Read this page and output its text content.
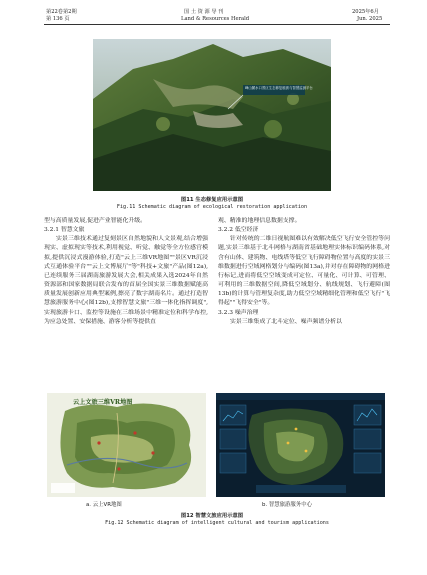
第22卷第2期
第 136 页
国 土 资 源 导 刊
Land & Resources Herald
2025年6月
Jun. 2025
峰山麓水口景区生态修复植被与智慧监测平台
图11 生态修复应用示意图
Fig.11 Schematic diagram of ecological restoration application

型与高质量发展,促进产业智能化升级。

3.2.1 智慧文旅

实景三维技术通过复刻景区自然地貌和人文景观,结合增强现实、虚拟现实等技术,利用视觉、听觉、触觉等全方位感官模拟,提供沉浸式漫游体验,打造"云上三维VR地图""景区VR沉浸式互通体验平台""云上文博展厅"等"科技+文旅"产品(图12a),已连续服务三届湖南旅游发展大会,相关成果入选2024年自然资源部和国家数据局联合发布的首届全国实景三维数据赋能高质量发展创新应用典型案例,擦亮了数字湖南名片。通过打造智慧旅游服务中心(图12b),支撑智慧文旅"三维一体化指挥调度",实现旅游卡口、监控等设施在三维场景中精准定位和科学布控,为应急处置、安保措施、游客分析等提供直

观、精准的地理信息数据支撑。

3.2.2 低空经济

针对传统的二维日视航图难以有效解决低空飞行安全管控等问题,实景三维基于北斗网格与湖南省基础地理实体标识编码体系,对含有山体、建筑物、电线塔等低空飞行障碍物位置与高度的实景三维数据进行空域网格划分与编码(图13a),并对存在障碍物的网格进行标记,进而将低空空域变成可定位、可量化、可计算、可管理、可利用的三维数据空间,降低空域划分、航线规划、飞行避障(图13b)的计算与管理复杂度,助力低空空域精细化管理和低空飞行"飞得起""飞得安全"等。

3.2.3 噪声治理

实景三维集成了北斗定位、噪声频谱分析以

云上文旅三维VR地图
a. 云上VR地图	b. 智慧旅游服务中心
图12 智慧文旅应用示意图
Fig.12 Schematic diagram of intelligent cultural and tourism applications
